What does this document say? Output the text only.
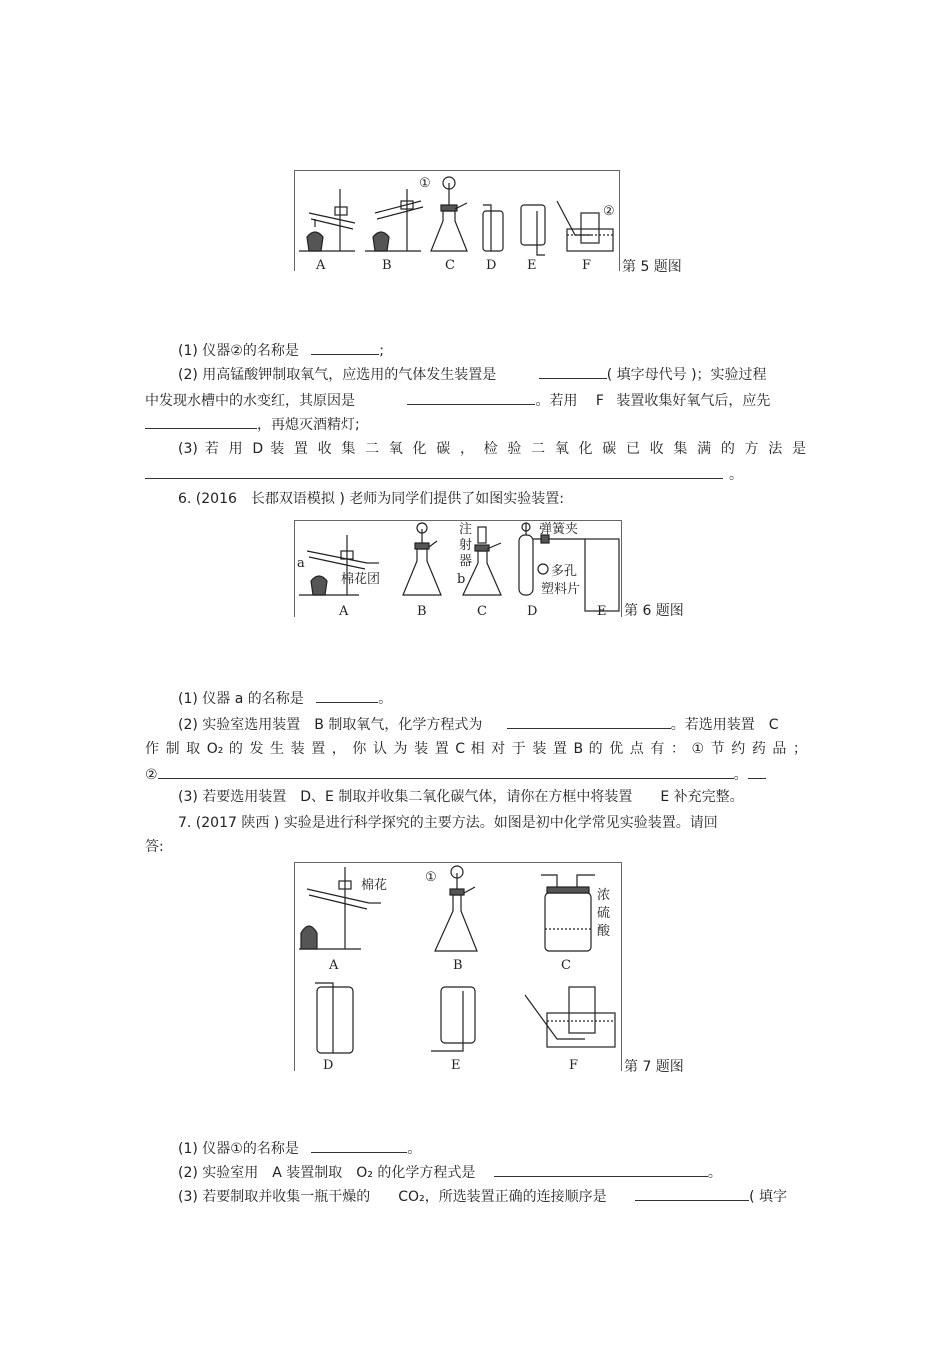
①
②
A	B	C D E	F 第 5 题图
(1) 仪器②的名称是	;
(2) 用高锰酸钾制取氧气，应选用的气体发生装置是	( 填字母代号 )；实验过程
中发现水槽中的水变红，其原因是	。若用 F 装置收集好氧气后，应先
，再熄灭酒精灯;
(3) 若 用 D 装 置 收 集 二 氧 化 碳 ， 检 验 二 氧 化 碳 已 收 集 满 的 方 法 是
。
6. (2016　长郡双语模拟 ) 老师为同学们提供了如图实验装置:
a
棉花团
注
射
器
b
弹簧夹
多孔
塑料片
A	B	C	D	E 第 6 题图
(1) 仪器 a 的名称是	。
(2) 实验室选用装置　B 制取氧气，化学方程式为	。若选用装置　C
作 制 取 O₂ 的 发 生 装 置 ， 你 认 为 装 置 C 相 对 于 装 置 B 的 优 点 有 ： ① 节 约 药 品 ；
②	。
(3) 若要选用装置　D、E 制取并收集二氧化碳气体，请你在方框中将装置　　E 补充完整。
7. (2017 陕西 ) 实验是进行科学探究的主要方法。如图是初中化学常见实验装置。请回
答:
①
棉花
浓
硫
酸
A	B	C
D	E	F	第 7 题图
(1) 仪器①的名称是	。
(2) 实验室用　A 装置制取　O₂ 的化学方程式是	。
(3) 若要制取并收集一瓶干燥的　　CO₂，所选装置正确的连接顺序是	( 填字
